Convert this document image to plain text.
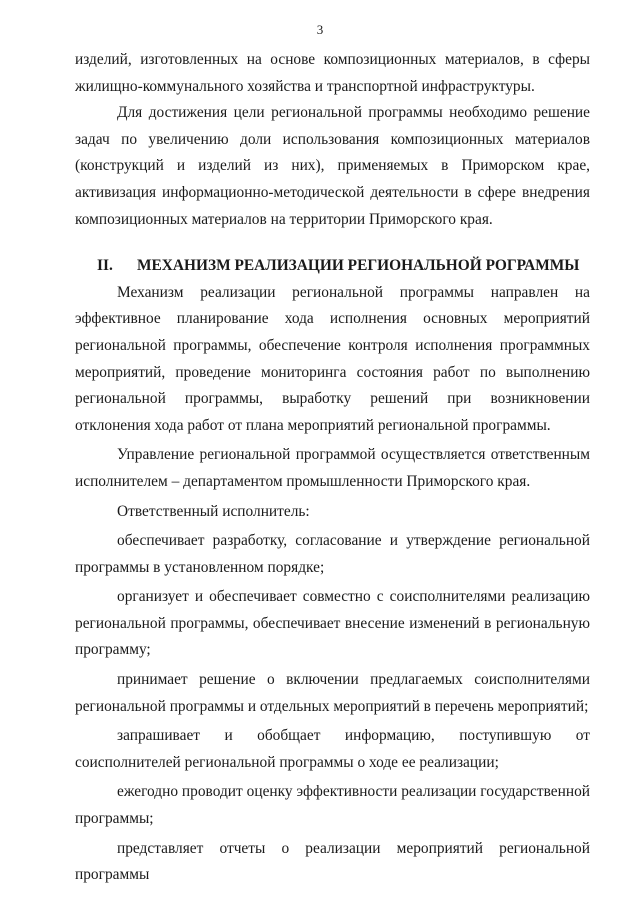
3

изделий, изготовленных на основе композиционных материалов, в сферы жилищно-коммунального хозяйства и транспортной инфраструктуры.

Для достижения цели региональной программы необходимо решение задач по увеличению доли использования композиционных материалов (конструкций и изделий из них), применяемых в Приморском крае, активизация информационно-методической деятельности в сфере внедрения композиционных материалов на территории Приморского края.

II. МЕХАНИЗМ РЕАЛИЗАЦИИ РЕГИОНАЛЬНОЙ РОГРАММЫ

Механизм реализации региональной программы направлен на эффективное планирование хода исполнения основных мероприятий региональной программы, обеспечение контроля исполнения программных мероприятий, проведение мониторинга состояния работ по выполнению региональной программы, выработку решений при возникновении отклонения хода работ от плана мероприятий региональной программы.

Управление региональной программой осуществляется ответственным исполнителем – департаментом промышленности Приморского края.

Ответственный исполнитель:

обеспечивает разработку, согласование и утверждение региональной программы в установленном порядке;

организует и обеспечивает совместно с соисполнителями реализацию региональной программы, обеспечивает внесение изменений в региональную программу;

принимает решение о включении предлагаемых соисполнителями региональной программы и отдельных мероприятий в перечень мероприятий;

запрашивает и обобщает информацию, поступившую от соисполнителей региональной программы о ходе ее реализации;

ежегодно проводит оценку эффективности реализации государственной программы;

представляет отчеты о реализации мероприятий региональной программы
